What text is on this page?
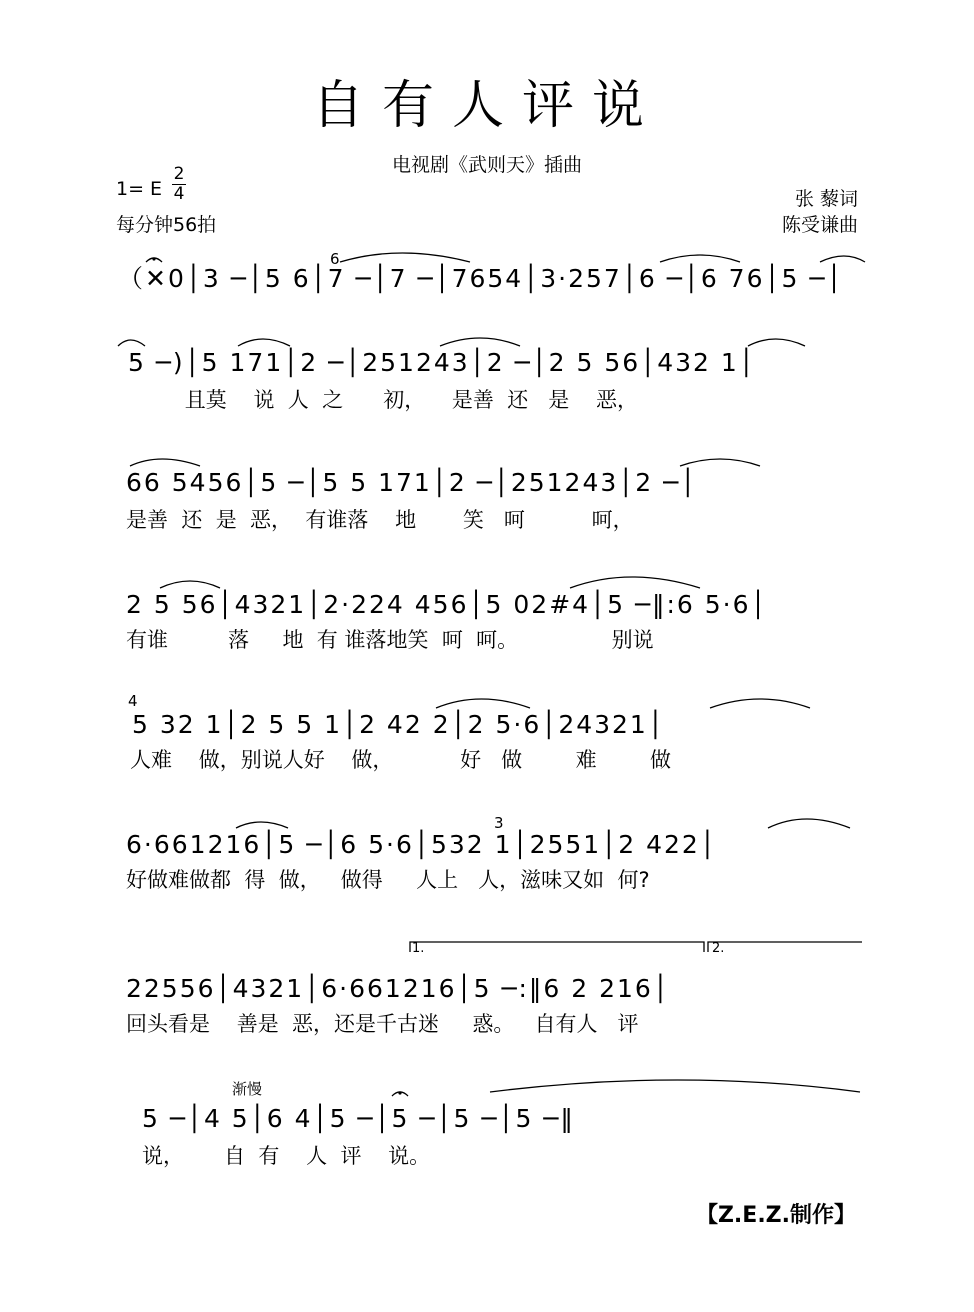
自有人评说
电视剧《武则天》插曲
1= E
2
4
每分钟56拍
张 藜词
陈受谦曲
6
4
3
渐慢
1.	2.
（✕0│3 ─│5 6│7 ─│7 ─│7654│3·257│6 ─│6 76│5 ─│
5 ─)│5 171│2 ─│251243│2 ─│2 5 56│432 1│
且莫    说  人  之      初，    是善  还   是    恶，
66 5456│5 ─│5 5 171│2 ─│251243│2 ─│
是善  还  是  恶，  有谁落    地       笑   呵          呵，
2 5 56│4321│2·224 456│5 02#4│5 ─‖:6 5·6│
有谁         落     地  有 谁落地笑  呵  呵。              别说
5 32 1│2 5 5 1│2 42 2│2 5·6│24321│
人难    做，别说人好    做，          好   做        难        做
6·661216│5 ─│6 5·6│532 1│2551│2 422│
好做难做都  得  做，   做得     人上   人，滋味又如  何?
22556│4321│6·661216│5 ─:‖6 2 216│
回头看是    善是  恶，还是千古迷     惑。   自有人   评
5 ─│4 5│6 4│5 ─│5 ─│5 ─│5 ─‖
说，      自  有    人  评    说。
【Z.E.Z.制作】
